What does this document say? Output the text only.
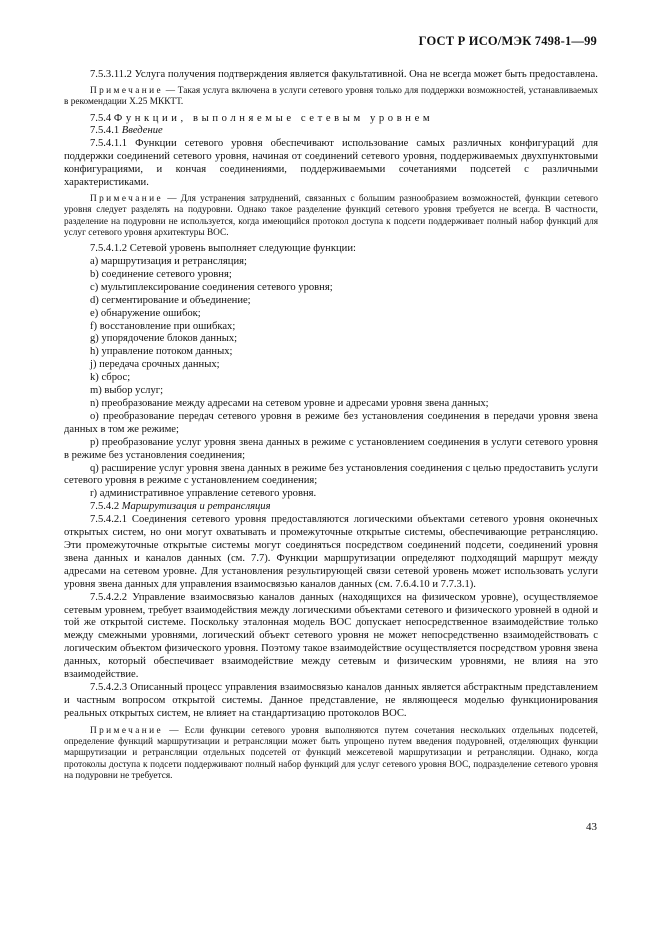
ГОСТ Р ИСО/МЭК 7498-1—99

7.5.3.11.2 Услуга получения подтверждения является факультативной. Она не всегда может быть предоставлена.

Примечание — Такая услуга включена в услуги сетевого уровня только для поддержки возможностей, устанавливаемых в рекомендации X.25 МККТТ.

7.5.4 Функции, выполняемые сетевым уровнем

7.5.4.1 Введение

7.5.4.1.1 Функции сетевого уровня обеспечивают использование самых различных конфигураций для поддержки соединений сетевого уровня, начиная от соединений сетевого уровня, поддерживаемых двухпунктовыми конфигурациями, и кончая соединениями, поддерживаемыми сочетаниями подсетей с различными характеристиками.

Примечание — Для устранения затруднений, связанных с большим разнообразием возможностей, функции сетевого уровня следует разделять на подуровни. Однако такое разделение функций сетевого уровня требуется не всегда. В частности, разделение на подуровни не используется, когда имеющийся протокол доступа к подсети поддерживает полный набор функций для услуг сетевого уровня архитектуры ВОС.

7.5.4.1.2 Сетевой уровень выполняет следующие функции:

a) маршрутизация и ретрансляция;

b) соединение сетевого уровня;

c) мультиплексирование соединения сетевого уровня;

d) сегментирование и объединение;

e) обнаружение ошибок;

f) восстановление при ошибках;

g) упорядочение блоков данных;

h) управление потоком данных;

j) передача срочных данных;

k) сброс;

m) выбор услуг;

n) преобразование между адресами на сетевом уровне и адресами уровня звена данных;

o) преобразование передач сетевого уровня в режиме без установления соединения в передачи уровня звена данных в том же режиме;

p) преобразование услуг уровня звена данных в режиме с установлением соединения в услуги сетевого уровня в режиме без установления соединения;

q) расширение услуг уровня звена данных в режиме без установления соединения с целью предоставить услуги сетевого уровня в режиме с установлением соединения;

r) административное управление сетевого уровня.

7.5.4.2 Маршрутизация и ретрансляция

7.5.4.2.1 Соединения сетевого уровня предоставляются логическими объектами сетевого уровня оконечных открытых систем, но они могут охватывать и промежуточные открытые системы, обеспечивающие ретрансляцию. Эти промежуточные открытые системы могут соединяться посредством соединений подсети, соединений уровня звена данных и каналов данных (см. 7.7). Функции маршрутизации определяют подходящий маршрут между адресами на сетевом уровне. Для установления результирующей связи сетевой уровень может использовать услуги уровня звена данных для управления взаимосвязью каналов данных (см. 7.6.4.10 и 7.7.3.1).

7.5.4.2.2 Управление взаимосвязью каналов данных (находящихся на физическом уровне), осуществляемое сетевым уровнем, требует взаимодействия между логическими объектами сетевого и физического уровней в одной и той же открытой системе. Поскольку эталонная модель ВОС допускает непосредственное взаимодействие только между смежными уровнями, логический объект сетевого уровня не может непосредственно взаимодействовать с логическим объектом физического уровня. Поэтому такое взаимодействие осуществляется посредством уровня звена данных, который обеспечивает взаимодействие между сетевым и физическим уровнями, не влияя на это взаимодействие.

7.5.4.2.3 Описанный процесс управления взаимосвязью каналов данных является абстрактным представлением и частным вопросом открытой системы. Данное представление, не являющееся моделью функционирования реальных открытых систем, не влияет на стандартизацию протоколов ВОС.

Примечание — Если функции сетевого уровня выполняются путем сочетания нескольких отдельных подсетей, определение функций маршрутизации и ретрансляции может быть упрощено путем введения подуровней, отделяющих функции маршрутизации и ретрансляции отдельных подсетей от функций межсетевой маршрутизации и ретрансляции. Однако, когда протоколы доступа к подсети поддерживают полный набор функций для услуг сетевого уровня ВОС, подразделение сетевого уровня на подуровни не требуется.

43
